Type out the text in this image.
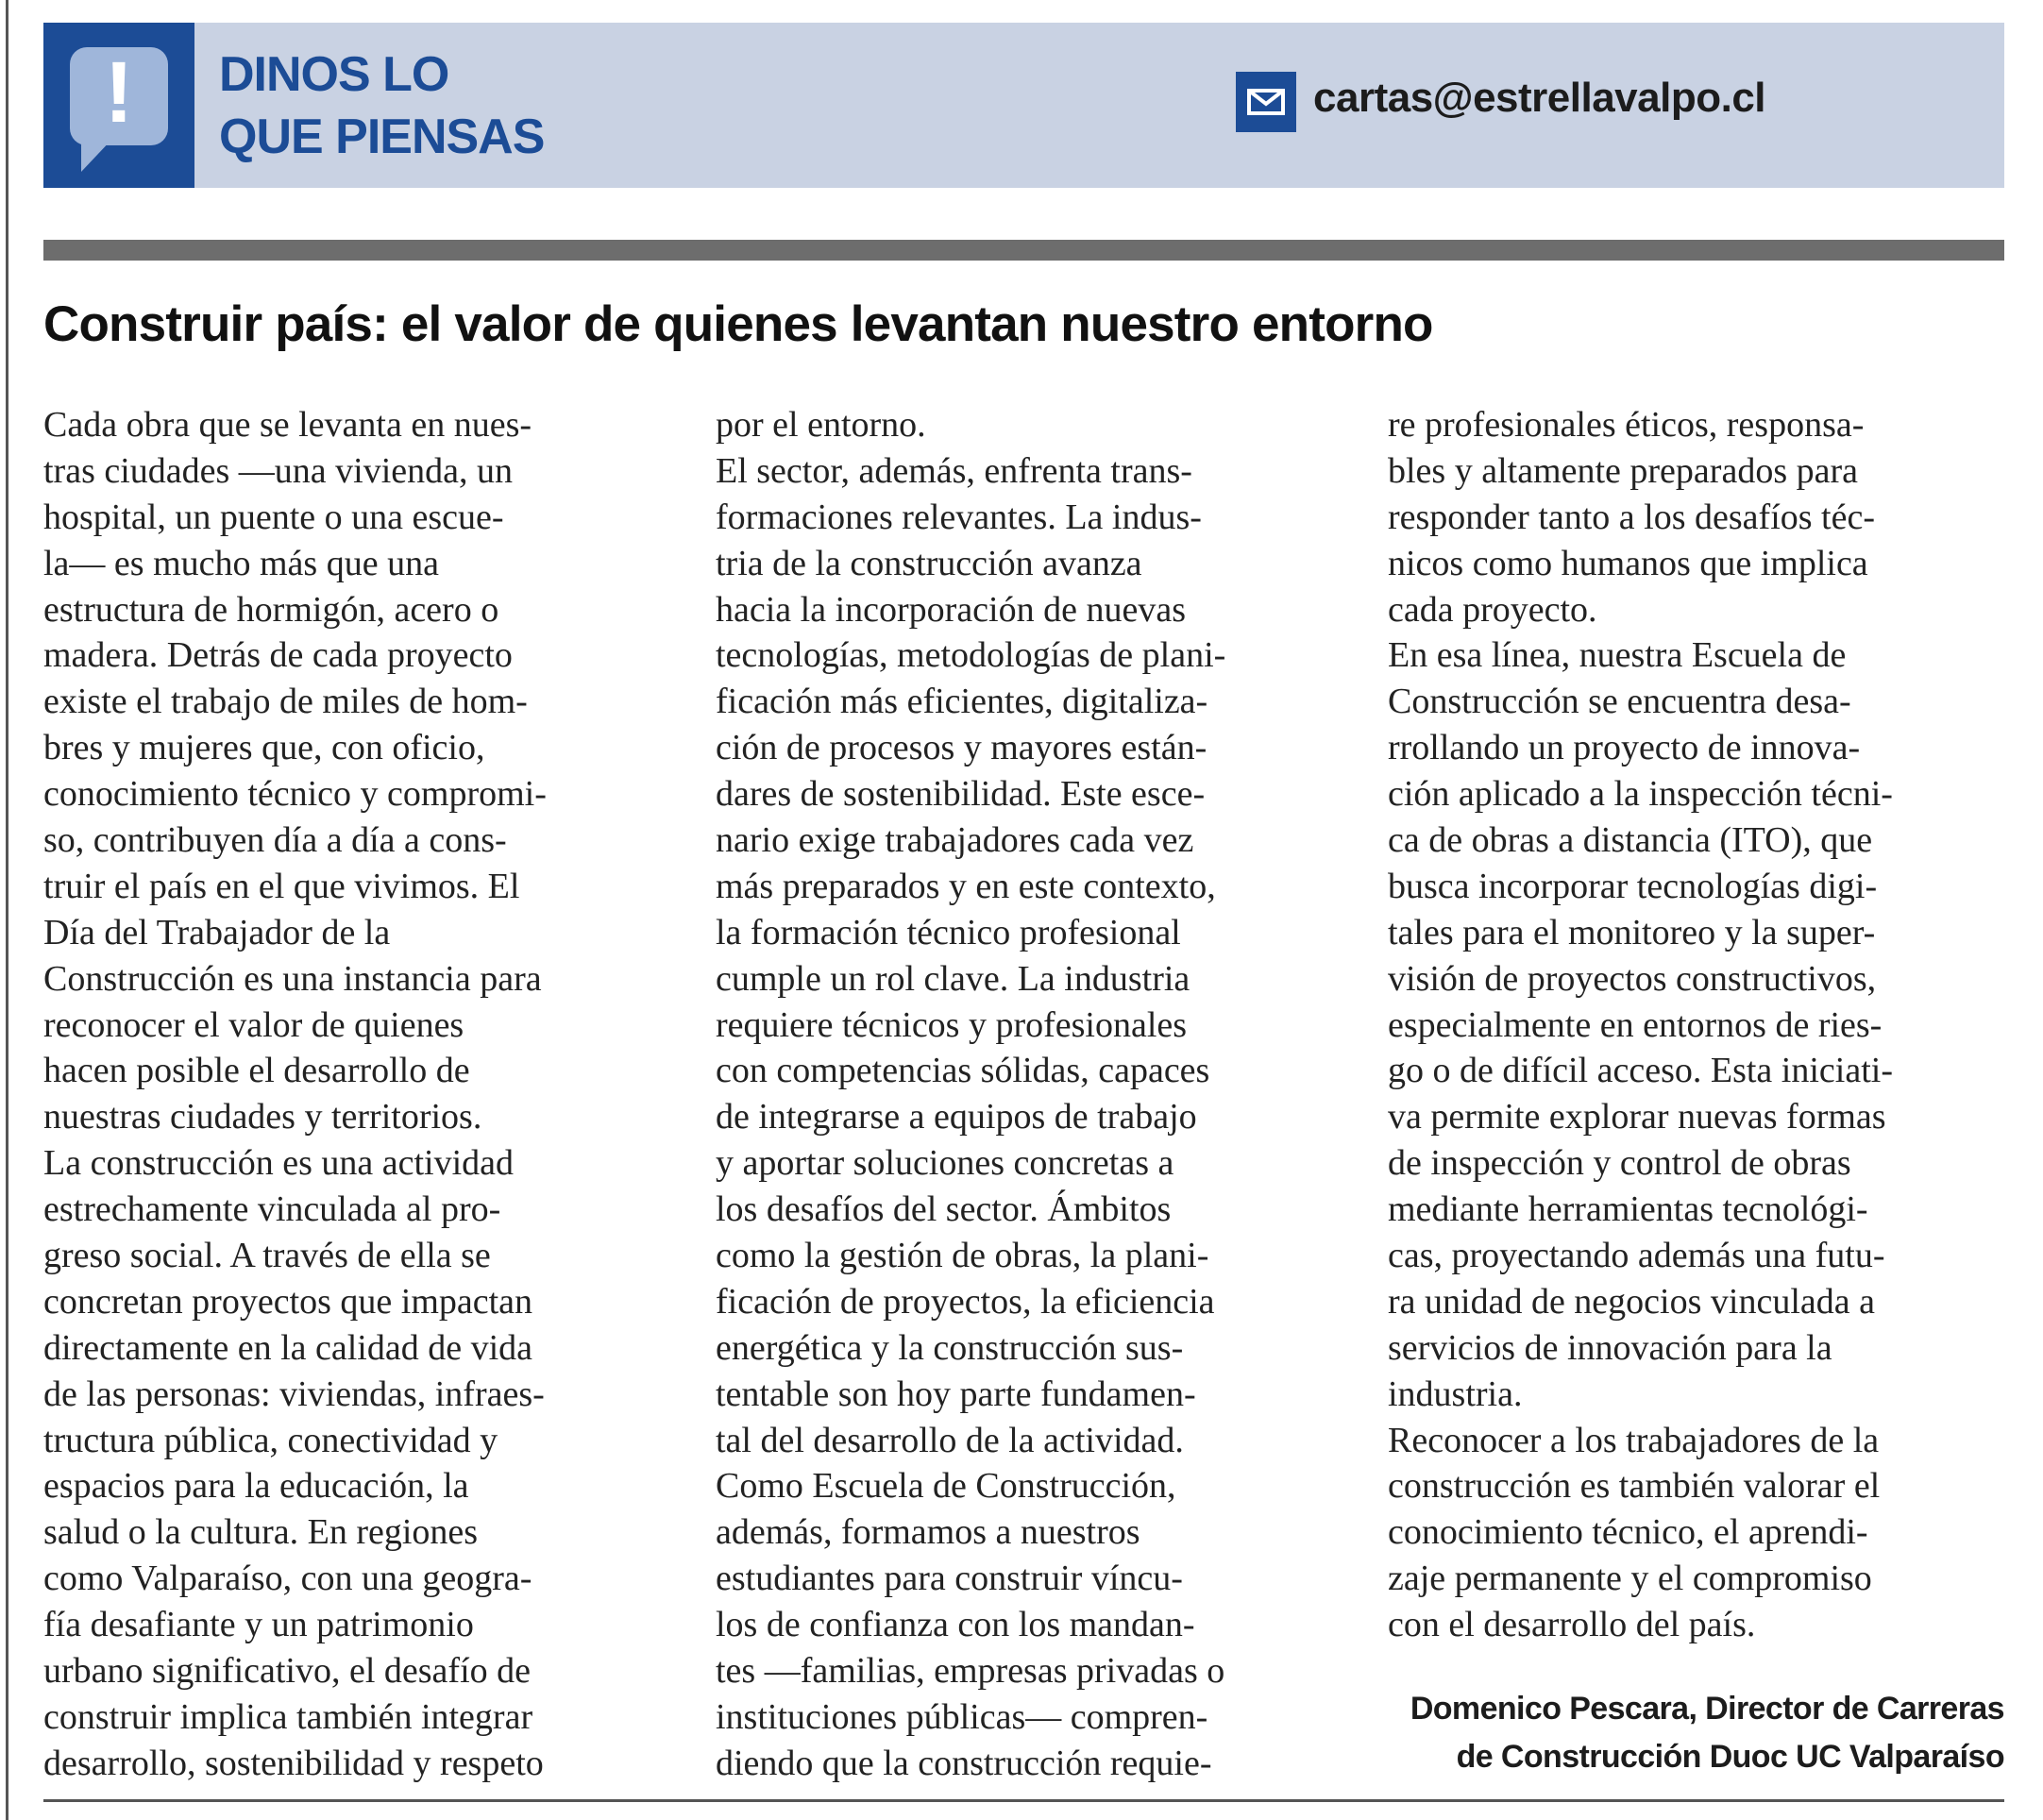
!	DINOS LO
QUE PIENSAS
cartas@estrellavalpo.cl
Construir país: el valor de quienes levantan nuestro entorno
Cada obra que se levanta en nues-
tras ciudades —una vivienda, un
hospital, un puente o una escue-
la— es mucho más que una
estructura de hormigón, acero o
madera. Detrás de cada proyecto
existe el trabajo de miles de hom-
bres y mujeres que, con oficio,
conocimiento técnico y compromi-
so, contribuyen día a día a cons-
truir el país en el que vivimos. El
Día del Trabajador de la
Construcción es una instancia para
reconocer el valor de quienes
hacen posible el desarrollo de
nuestras ciudades y territorios.
La construcción es una actividad
estrechamente vinculada al pro-
greso social. A través de ella se
concretan proyectos que impactan
directamente en la calidad de vida
de las personas: viviendas, infraes-
tructura pública, conectividad y
espacios para la educación, la
salud o la cultura. En regiones
como Valparaíso, con una geogra-
fía desafiante y un patrimonio
urbano significativo, el desafío de
construir implica también integrar
desarrollo, sostenibilidad y respeto
por el entorno.
El sector, además, enfrenta trans-
formaciones relevantes. La indus-
tria de la construcción avanza
hacia la incorporación de nuevas
tecnologías, metodologías de plani-
ficación más eficientes, digitaliza-
ción de procesos y mayores están-
dares de sostenibilidad. Este esce-
nario exige trabajadores cada vez
más preparados y en este contexto,
la formación técnico profesional
cumple un rol clave. La industria
requiere técnicos y profesionales
con competencias sólidas, capaces
de integrarse a equipos de trabajo
y aportar soluciones concretas a
los desafíos del sector. Ámbitos
como la gestión de obras, la plani-
ficación de proyectos, la eficiencia
energética y la construcción sus-
tentable son hoy parte fundamen-
tal del desarrollo de la actividad.
Como Escuela de Construcción,
además, formamos a nuestros
estudiantes para construir víncu-
los de confianza con los mandan-
tes —familias, empresas privadas o
instituciones públicas— compren-
diendo que la construcción requie-
re profesionales éticos, responsa-
bles y altamente preparados para
responder tanto a los desafíos téc-
nicos como humanos que implica
cada proyecto.
En esa línea, nuestra Escuela de
Construcción se encuentra desa-
rrollando un proyecto de innova-
ción aplicado a la inspección técni-
ca de obras a distancia (ITO), que
busca incorporar tecnologías digi-
tales para el monitoreo y la super-
visión de proyectos constructivos,
especialmente en entornos de ries-
go o de difícil acceso. Esta iniciati-
va permite explorar nuevas formas
de inspección y control de obras
mediante herramientas tecnológi-
cas, proyectando además una futu-
ra unidad de negocios vinculada a
servicios de innovación para la
industria.
Reconocer a los trabajadores de la
construcción es también valorar el
conocimiento técnico, el aprendi-
zaje permanente y el compromiso
con el desarrollo del país.
Domenico Pescara, Director de Carreras
de Construcción Duoc UC Valparaíso
